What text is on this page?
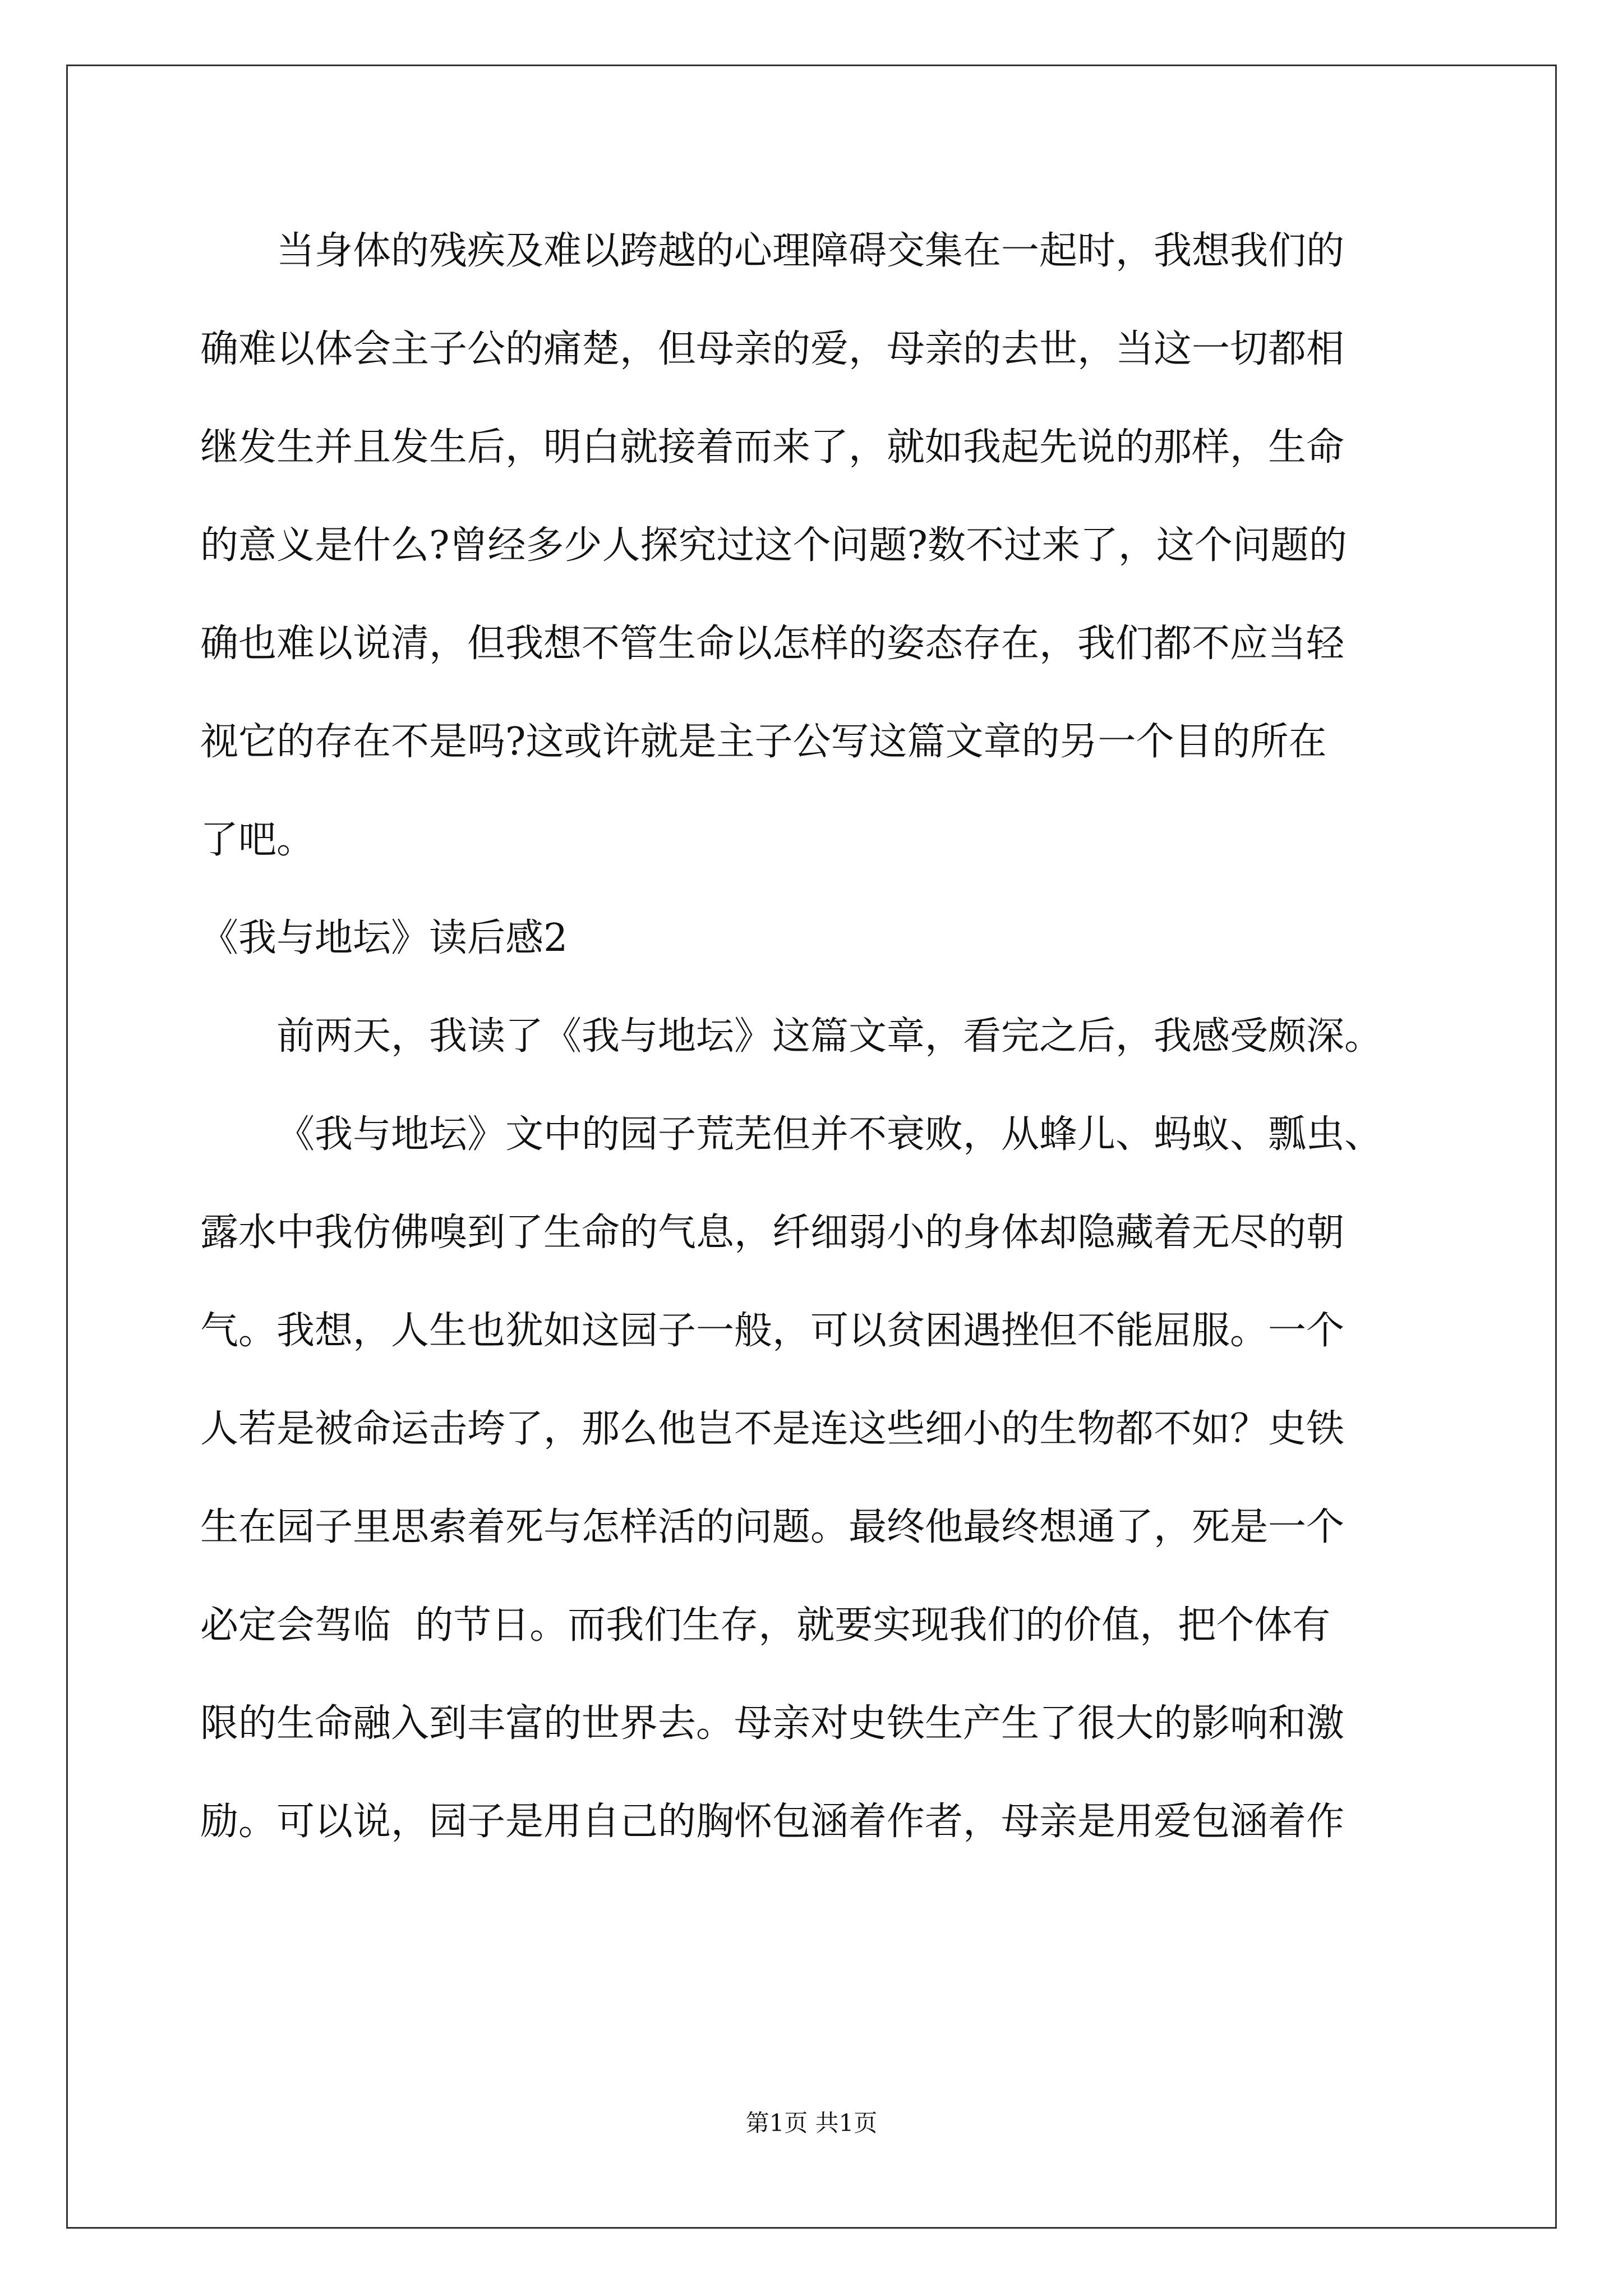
当身体的残疾及难以跨越的心理障碍交集在一起时，我想我们的
确难以体会主子公的痛楚，但母亲的爱，母亲的去世，当这一切都相
继发生并且发生后，明白就接着而来了，就如我起先说的那样，生命
的意义是什么?曾经多少人探究过这个问题?数不过来了，这个问题的
确也难以说清，但我想不管生命以怎样的姿态存在，我们都不应当轻
视它的存在不是吗?这或许就是主子公写这篇文章的另一个目的所在
了吧。
《我与地坛》读后感2
前两天，我读了《我与地坛》这篇文章，看完之后，我感受颇深。
《我与地坛》文中的园子荒芜但并不衰败，从蜂儿、蚂蚁、瓢虫、
露水中我仿佛嗅到了生命的气息，纤细弱小的身体却隐藏着无尽的朝
气。我想，人生也犹如这园子一般，可以贫困遇挫但不能屈服。一个
人若是被命运击垮了，那么他岂不是连这些细小的生物都不如？史铁
生在园子里思索着死与怎样活的问题。最终他最终想通了，死是一个
必定会驾临  的节日。而我们生存，就要实现我们的价值，把个体有
限的生命融入到丰富的世界去。母亲对史铁生产生了很大的影响和激
励。可以说，园子是用自己的胸怀包涵着作者，母亲是用爱包涵着作
第1页 共1页
